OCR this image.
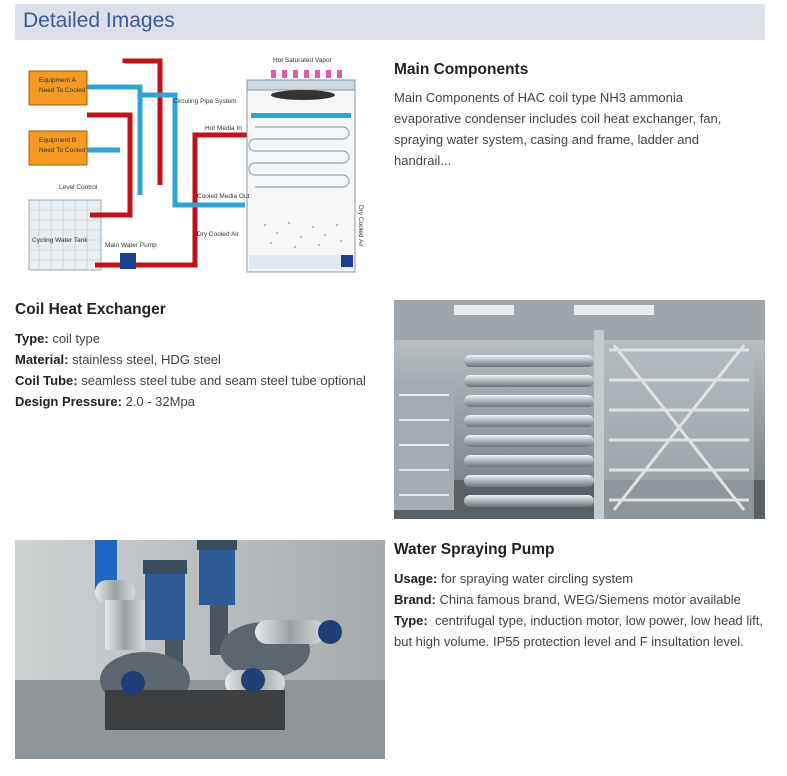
Detailed Images
Equipment A
Need To Cooled
Equipment B
Need To Cooled
Level Control
Cycling Water Tank
Main Water Pump
Circuling Pipe System
Hot Saturated Vapor
Hot Media In
Cooled Media Out
Dry Cooled Air	Dry Cooled Air
Main Components
Main Components of HAC coil type NH3 ammonia evaporative condenser includes coil heat exchanger, fan, spraying water system, casing and frame, ladder and handrail...
Coil Heat Exchanger
Type: coil type
Material: stainless steel, HDG steel
Coil Tube: seamless steel tube and seam steel tube optional
Design Pressure: 2.0 - 32Mpa
Water Spraying Pump
Usage: for spraying water circling system
Brand: China famous brand, WEG/Siemens motor available
Type:  centrifugal type, induction motor, low power, low head lift, but high volume. IP55 protection level and F insultation level.
